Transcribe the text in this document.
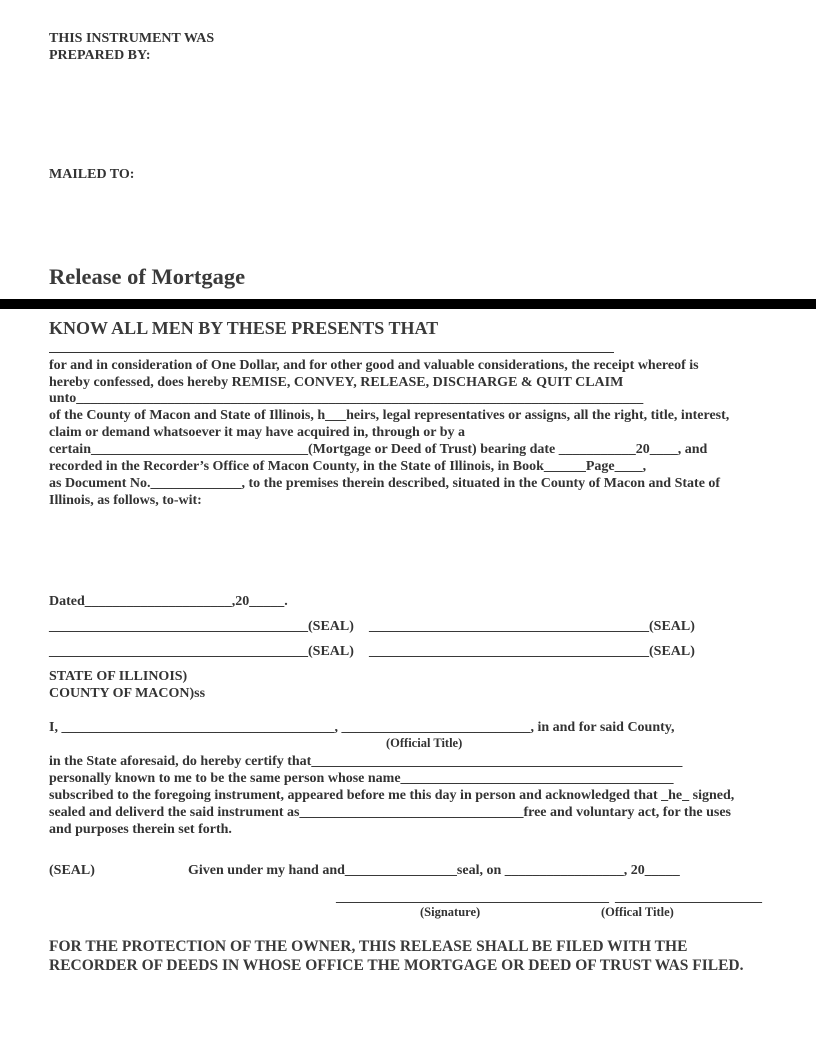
THIS INSTRUMENT WAS
PREPARED BY:
MAILED TO:
Release of Mortgage
KNOW ALL MEN BY THESE PRESENTS THAT
for and in consideration of One Dollar, and for other good and valuable considerations, the receipt whereof is
hereby confessed, does hereby REMISE, CONVEY, RELEASE, DISCHARGE & QUIT CLAIM
unto_________________________________________________________________________________
of the County of Macon and State of Illinois, h___heirs, legal representatives or assigns, all the right, title, interest,
claim or demand whatsoever it may have acquired in, through or by a
certain_______________________________(Mortgage or Deed of Trust) bearing date ___________20____, and
recorded in the Recorder’s Office of Macon County, in the State of Illinois, in Book______Page____,
as Document No._____________, to the premises therein described, situated in the County of Macon and State of
Illinois, as follows, to-wit:
Dated_____________________,20_____.
_____________________________________(SEAL) ________________________________________(SEAL)
_____________________________________(SEAL) ________________________________________(SEAL)
STATE OF ILLINOIS)
COUNTY OF MACON)ss
I, _______________________________________, ___________________________, in and for said County,
(Official Title)
in the State aforesaid, do hereby certify that_____________________________________________________
personally known to me to be the same person whose name_______________________________________
subscribed to the foregoing instrument, appeared before me this day in person and acknowledged that _he_ signed,
sealed and deliverd the said instrument as________________________________free and voluntary act, for the uses
and purposes therein set forth.
(SEAL)	Given under my hand and________________seal, on _________________, 20_____
_______________________________________ _____________________
(Signature)	(Offical Title)
FOR THE PROTECTION OF THE OWNER, THIS RELEASE SHALL BE FILED WITH THE RECORDER OF DEEDS IN WHOSE OFFICE THE MORTGAGE OR DEED OF TRUST WAS FILED.
